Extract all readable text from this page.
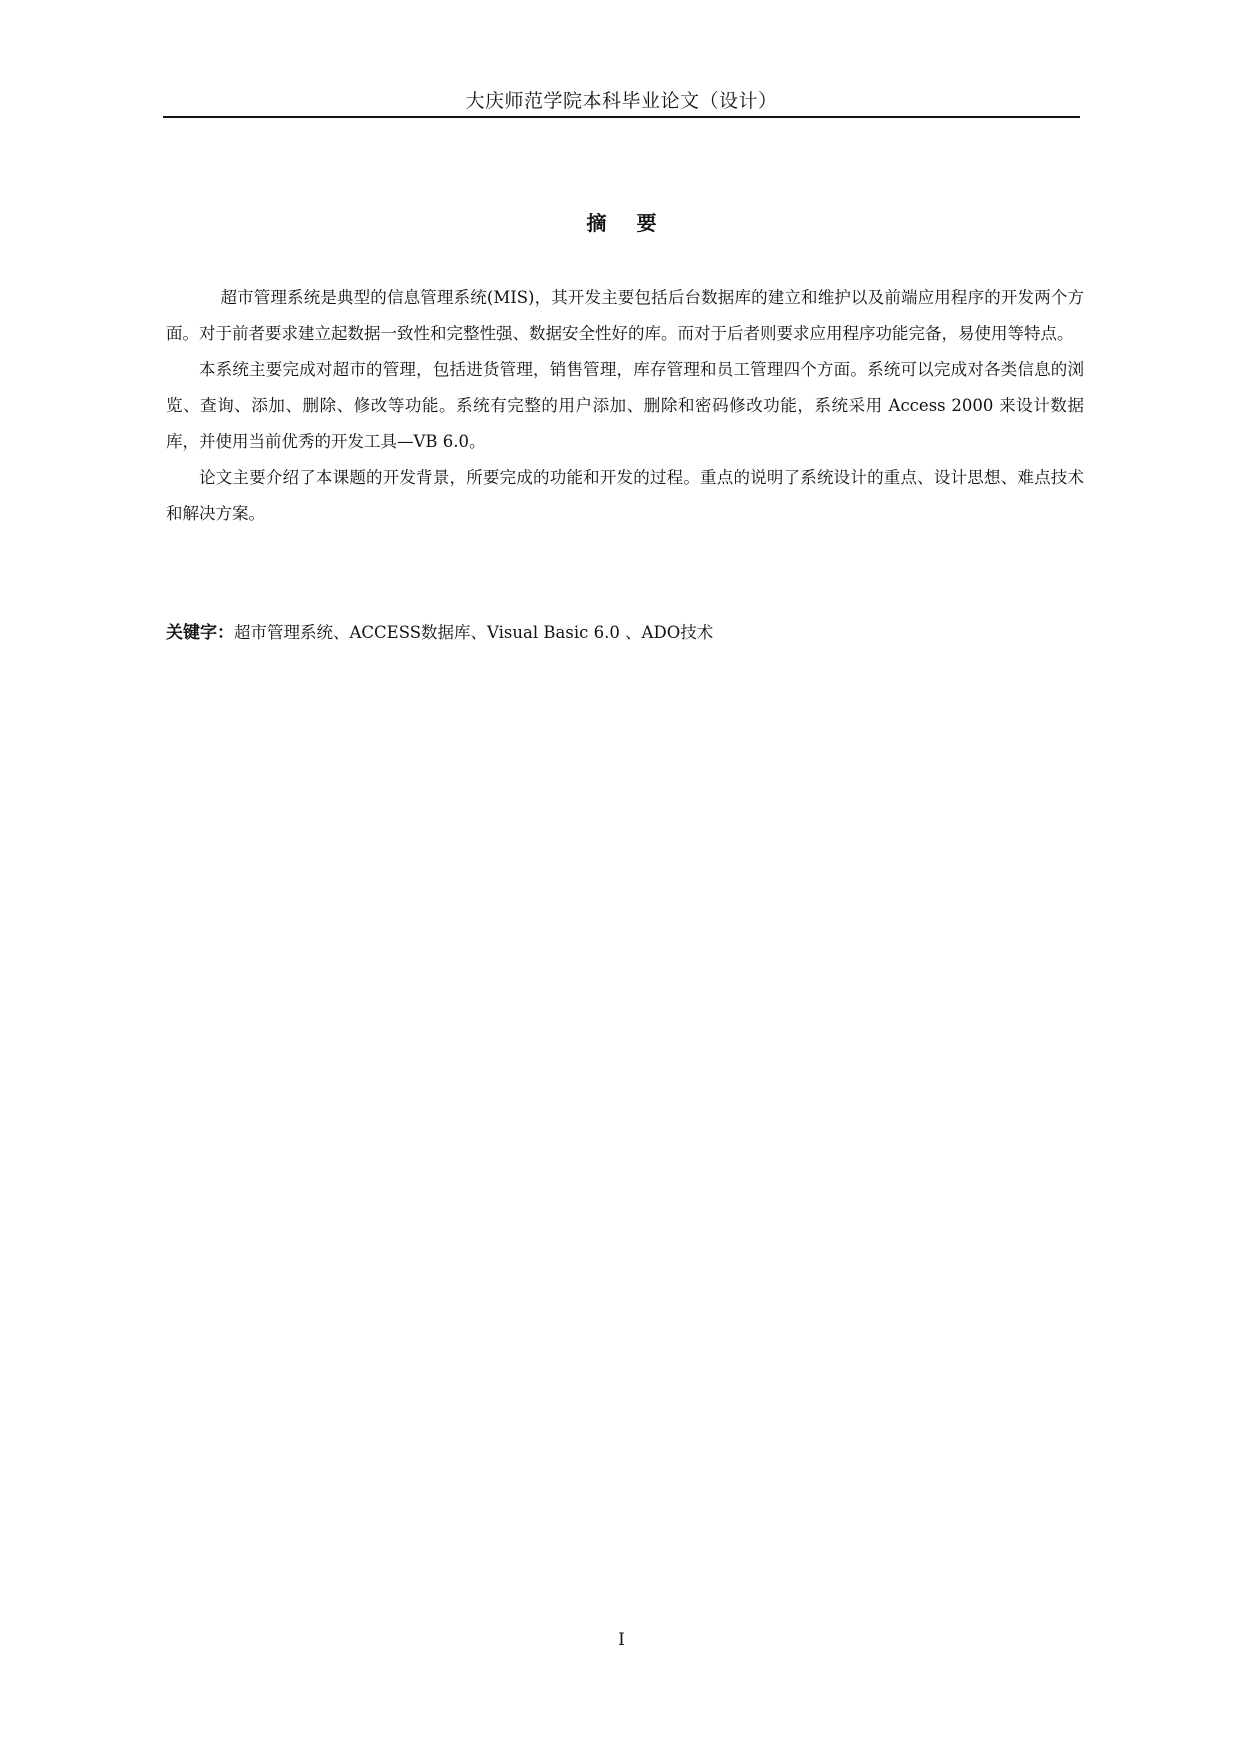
大庆师范学院本科毕业论文（设计）
摘要

超市管理系统是典型的信息管理系统(MIS)，其开发主要包括后台数据库的建立和维护以及前端应用程序的开发两个方面。对于前者要求建立起数据一致性和完整性强、数据安全性好的库。而对于后者则要求应用程序功能完备，易使用等特点。

本系统主要完成对超市的管理，包括进货管理，销售管理，库存管理和员工管理四个方面。系统可以完成对各类信息的浏览、查询、添加、删除、修改等功能。系统有完整的用户添加、删除和密码修改功能，系统采用 Access 2000 来设计数据库，并使用当前优秀的开发工具—VB 6.0。

论文主要介绍了本课题的开发背景，所要完成的功能和开发的过程。重点的说明了系统设计的重点、设计思想、难点技术和解决方案。

关键字：超市管理系统、ACCESS数据库、Visual Basic 6.0 、ADO技术
I
